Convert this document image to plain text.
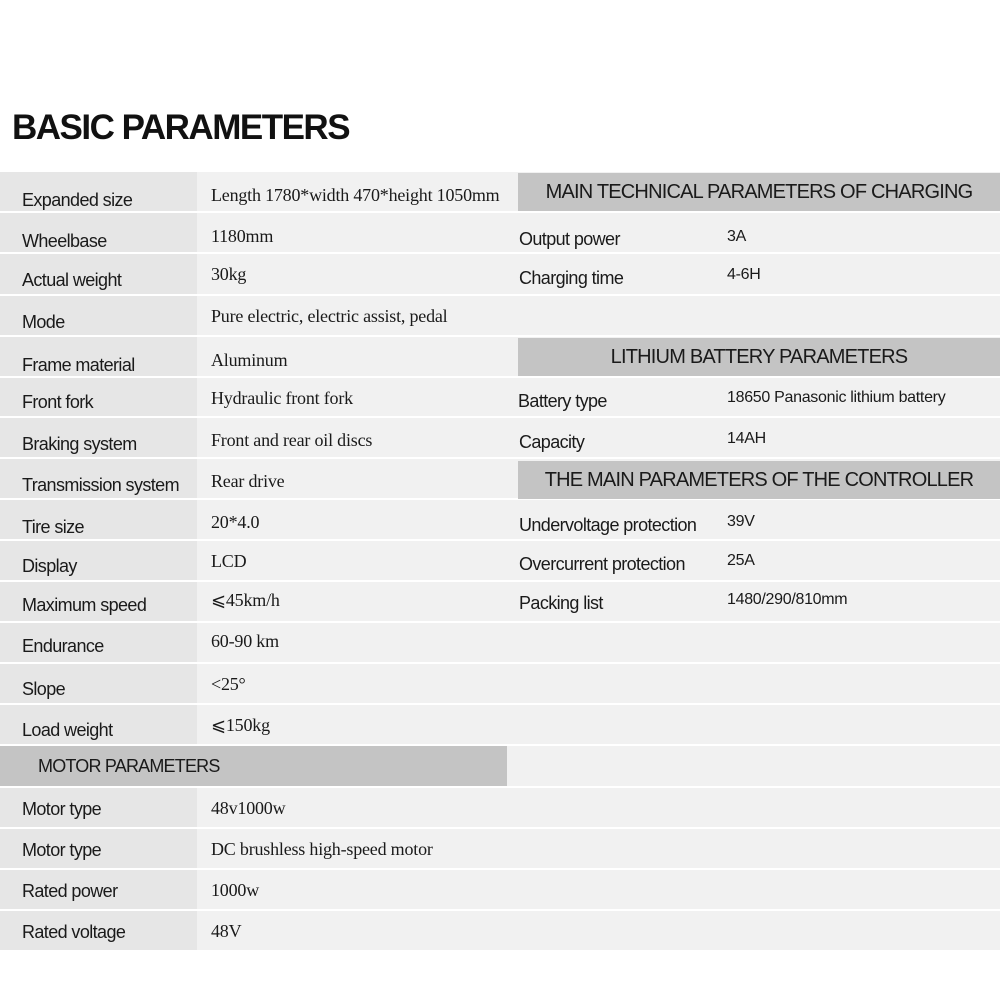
BASIC PARAMETERS
Expanded size	Length 1780*width 470*height 1050mm
Wheelbase	1180mm
Actual weight	30kg
Mode	Pure electric, electric assist, pedal
Frame material	Aluminum
Front fork	Hydraulic front fork
Braking system	Front and rear oil discs
Transmission system Rear drive
Tire size	20*4.0
Display	LCD
Maximum speed	⩽45km/h
Endurance	60-90 km
Slope	<25°
Load weight	⩽150kg
Motor type	48v1000w
Motor type	DC brushless high-speed motor
Rated power	1000w
Rated voltage	48V
MAIN TECHNICAL PARAMETERS OF CHARGING
LITHIUM BATTERY PARAMETERS
THE MAIN PARAMETERS OF THE CONTROLLER
MOTOR PARAMETERS
Output power	3A
Charging time	4-6H
Battery type	18650 Panasonic lithium battery
Capacity	14AH
Undervoltage protection 39V
Overcurrent protection	25A
Packing list	1480/290/810mm
